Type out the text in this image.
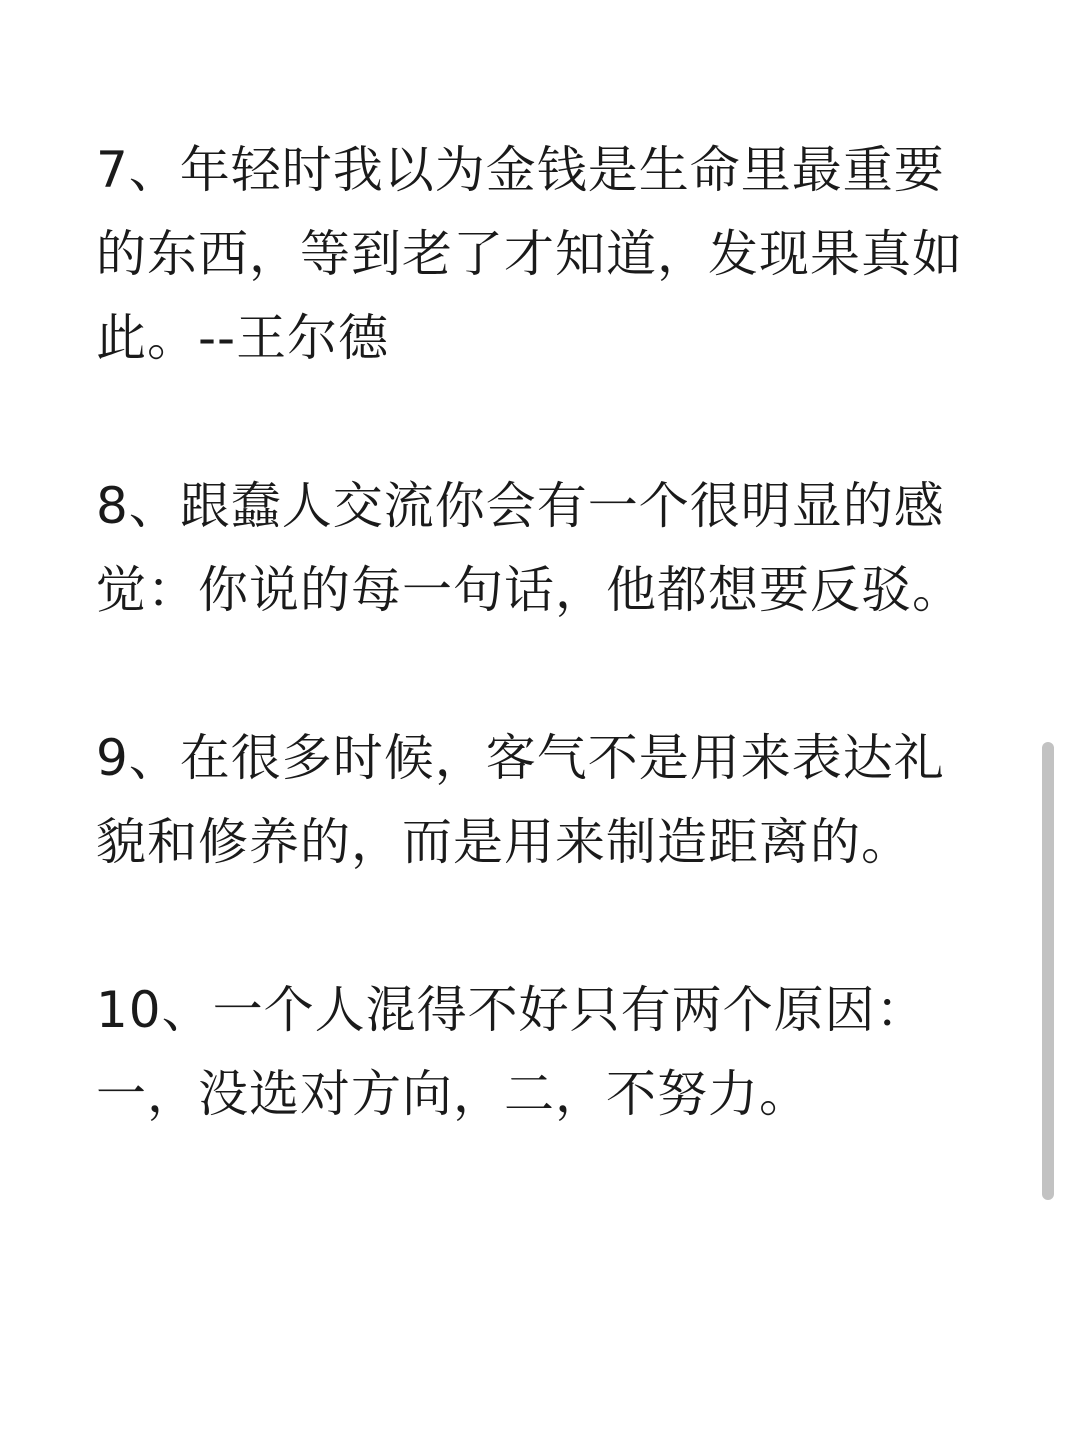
7、年轻时我以为金钱是生命里最重要
的东西，等到老了才知道，发现果真如
此。--王尔德

8、跟蠢人交流你会有一个很明显的感
觉：你说的每一句话，他都想要反驳。

9、在很多时候，客气不是用来表达礼
貌和修养的，而是用来制造距离的。

10、一个人混得不好只有两个原因：
一，没选对方向，二，不努力。
